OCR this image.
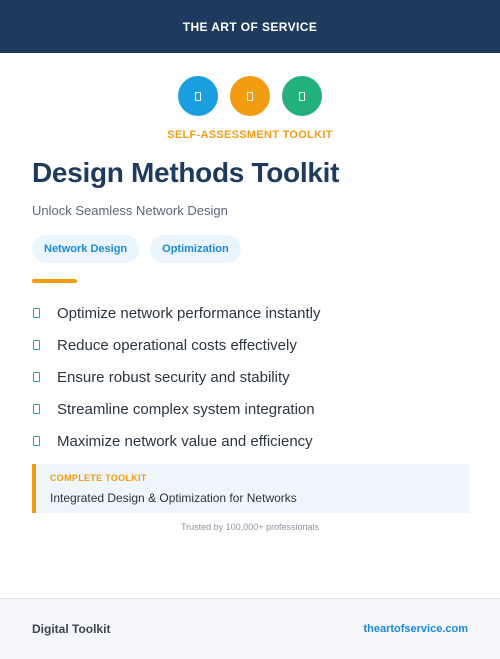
THE ART OF SERVICE
SELF-ASSESSMENT TOOLKIT
Design Methods Toolkit
Unlock Seamless Network Design
Network Design	Optimization
Optimize network performance instantly
Reduce operational costs effectively
Ensure robust security and stability
Streamline complex system integration
Maximize network value and efficiency
COMPLETE TOOLKIT
Integrated Design & Optimization for Networks
Trusted by 100,000+ professionals
Digital Toolkit	theartofservice.com
